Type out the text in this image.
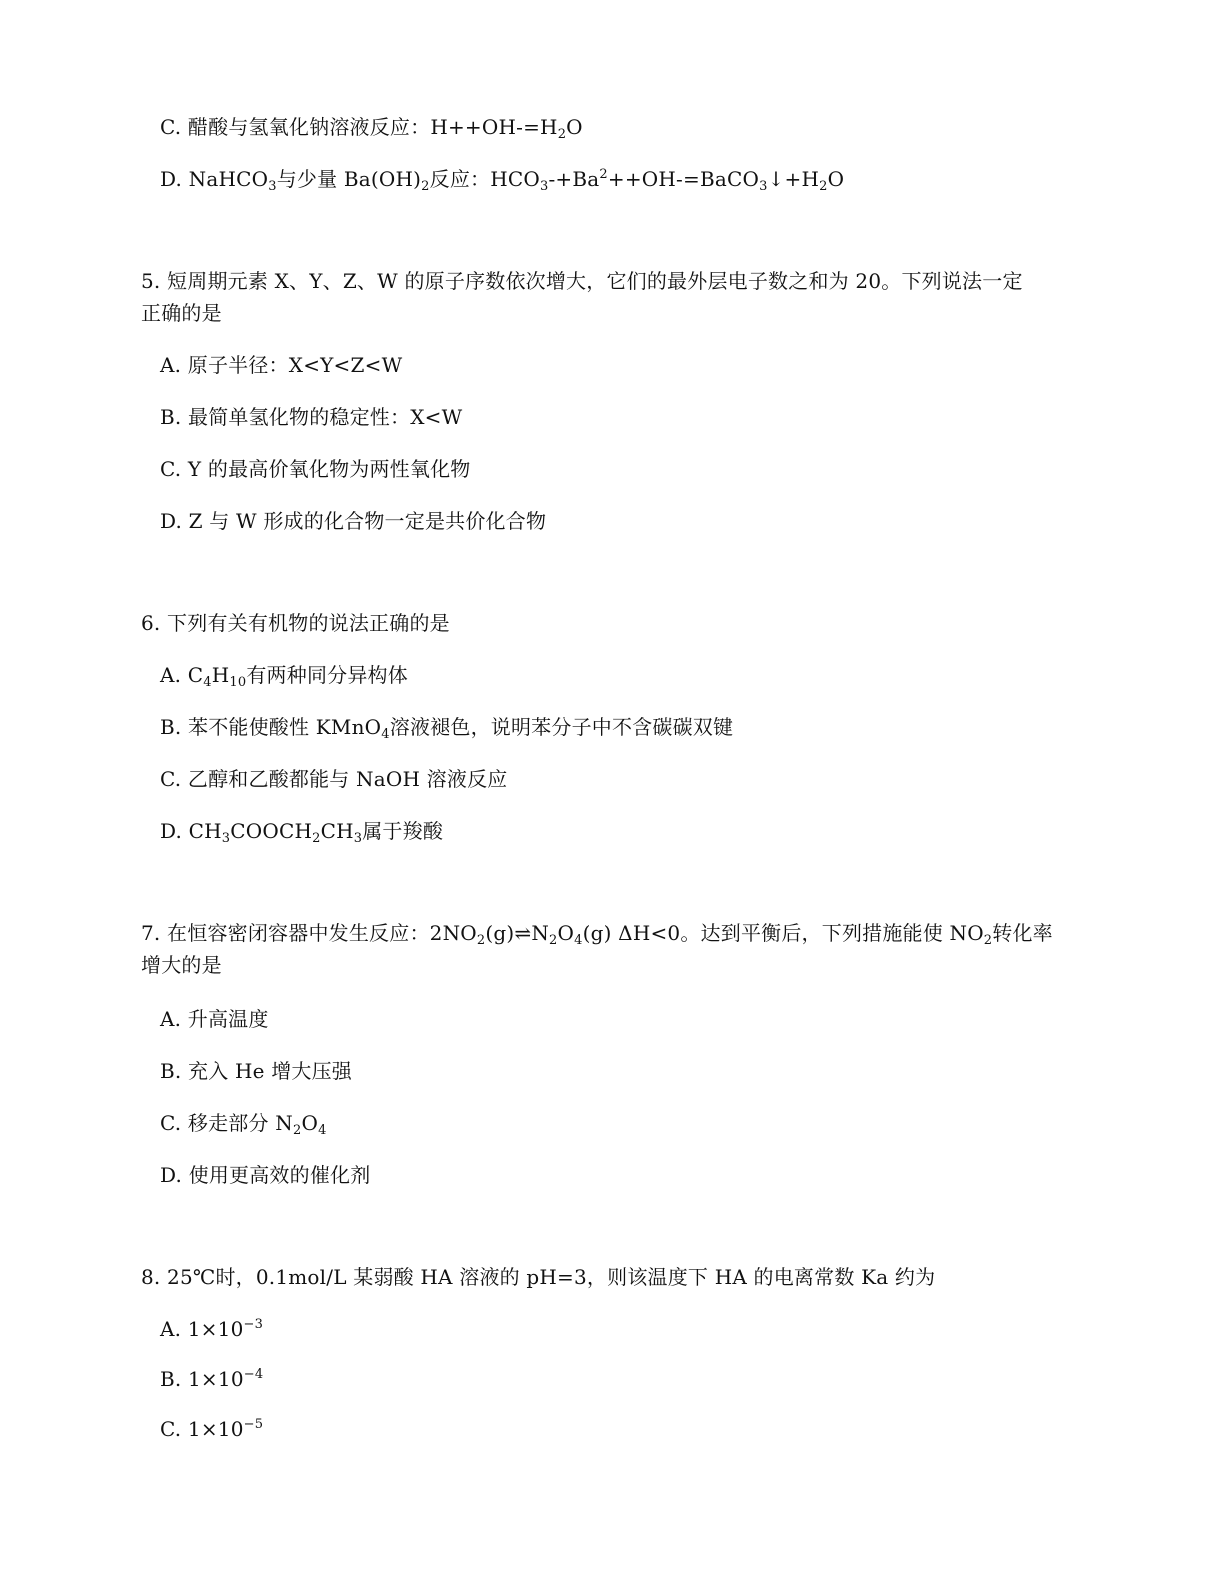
C. 醋酸与氢氧化钠溶液反应：$H++OH-=H_2O$
D. NaHCO$_3$与少量 $Ba(OH)_2$反应：$HCO_3-+Ba^2++OH-=BaCO_3↓+H_2O$
5. 短周期元素 X、Y、Z、W 的原子序数依次增大，它们的最外层电子数之和为 20。下列说法一定
正确的是
A. 原子半径：X<Y<Z<W
B. 最简单氢化物的稳定性：X<W
C. Y 的最高价氧化物为两性氧化物
D. Z 与 W 形成的化合物一定是共价化合物
6. 下列有关有机物的说法正确的是
A. $C_4H_{10}$有两种同分异构体
B. 苯不能使酸性 KMnO$_4$溶液褪色，说明苯分子中不含碳碳双键
C. 乙醇和乙酸都能与 NaOH 溶液反应
D. $CH_3COOCH_2CH_3$属于羧酸
7. 在恒容密闭容器中发生反应：$2NO_2(g)\rightleftharpoons N_2O_4(g)$ ΔH<0。达到平衡后，下列措施能使 $NO_2$转化率
增大的是
A. 升高温度
B. 充入 He 增大压强
C. 移走部分 $N_2O_4$
D. 使用更高效的催化剂
8. 25℃时，0.1mol/L 某弱酸 HA 溶液的 pH=3，则该温度下 HA 的电离常数 Ka 约为
A. $1\times 10^{-3}$
B. $1\times 10^{-4}$
C. $1\times 10^{-5}$
